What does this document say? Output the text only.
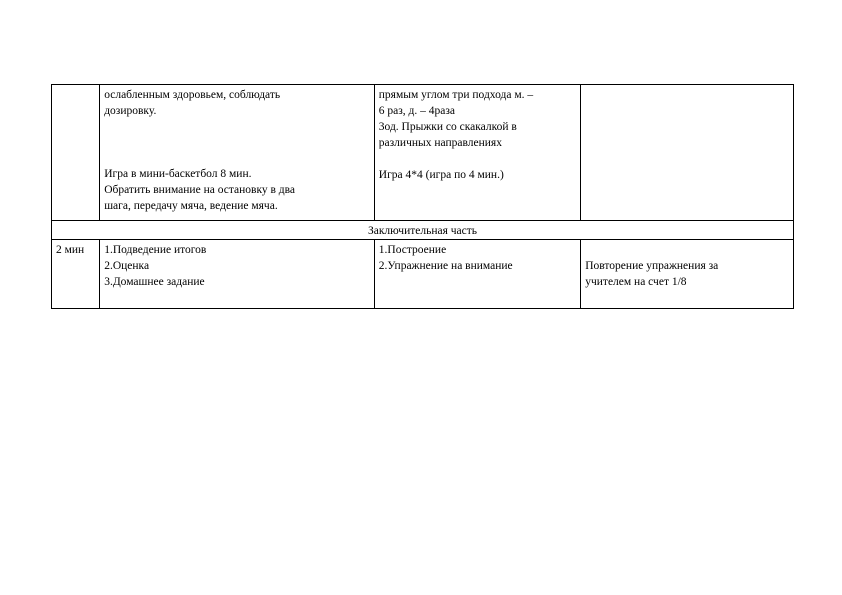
	ослабленным здоровьем, соблюдать
дозировку.
Игра в мини-баскетбол 8 мин.
Обратить внимание на остановку в два
шага, передачу мяча, ведение мяча.	прямым углом три подхода м. –
6 раз, д. – 4раза
3од. Прыжки со скакалкой в
различных направлениях
Игра 4*4 (игра по 4 мин.)	

Заключительная часть			
2 мин	1.Подведение итогов
2.Оценка
3.Домашнее задание	1.Построение
2.Упражнение на внимание	Повторение упражнения за
учителем на счет 1/8
